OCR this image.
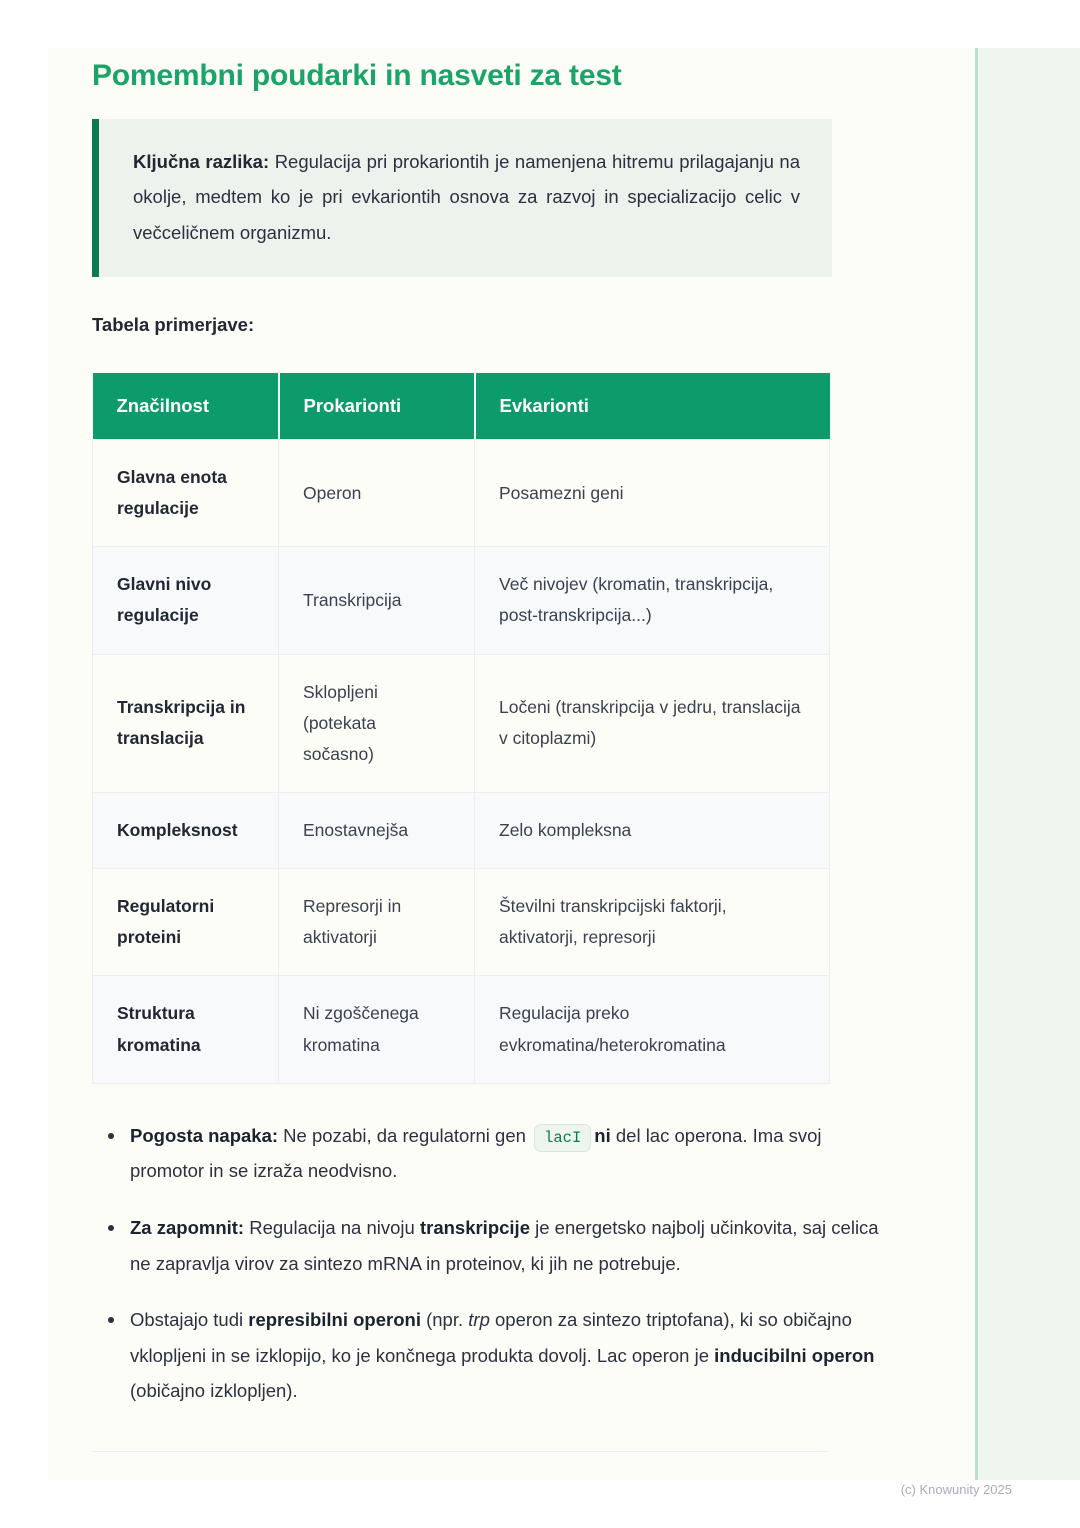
Pomembni poudarki in nasveti za test

Ključna razlika: Regulacija pri prokariontih je namenjena hitremu prilagajanju na okolje, medtem ko je pri evkariontih osnova za razvoj in specializacijo celic v večceličnem organizmu.

Tabela primerjave:
Značilnost	Prokarionti	Evkarionti
Glavna enota regulacije	Operon	Posamezni geni
Glavni nivo regulacije	Transkripcija	Več nivojev (kromatin, transkripcija, post-transkripcija...)
Transkripcija in translacija	Sklopljeni (potekata sočasno)	Ločeni (transkripcija v jedru, translacija v citoplazmi)
Kompleksnost	Enostavnejša	Zelo kompleksna
Regulatorni proteini	Represorji in aktivatorji	Številni transkripcijski faktorji, aktivatorji, represorji
Struktura kromatina	Ni zgoščenega kromatina	Regulacija preko evkromatina/heterokromatina
Pogosta napaka: Ne pozabi, da regulatorni gen lacI ni del lac operona. Ima svoj promotor in se izraža neodvisno.
Za zapomnit: Regulacija na nivoju transkripcije je energetsko najbolj učinkovita, saj celica ne zapravlja virov za sintezo mRNA in proteinov, ki jih ne potrebuje.
Obstajajo tudi represibilni operoni (npr. trp operon za sintezo triptofana), ki so običajno vklopljeni in se izklopijo, ko je končnega produkta dovolj. Lac operon je inducibilni operon (običajno izklopljen).
(c) Knowunity 2025
